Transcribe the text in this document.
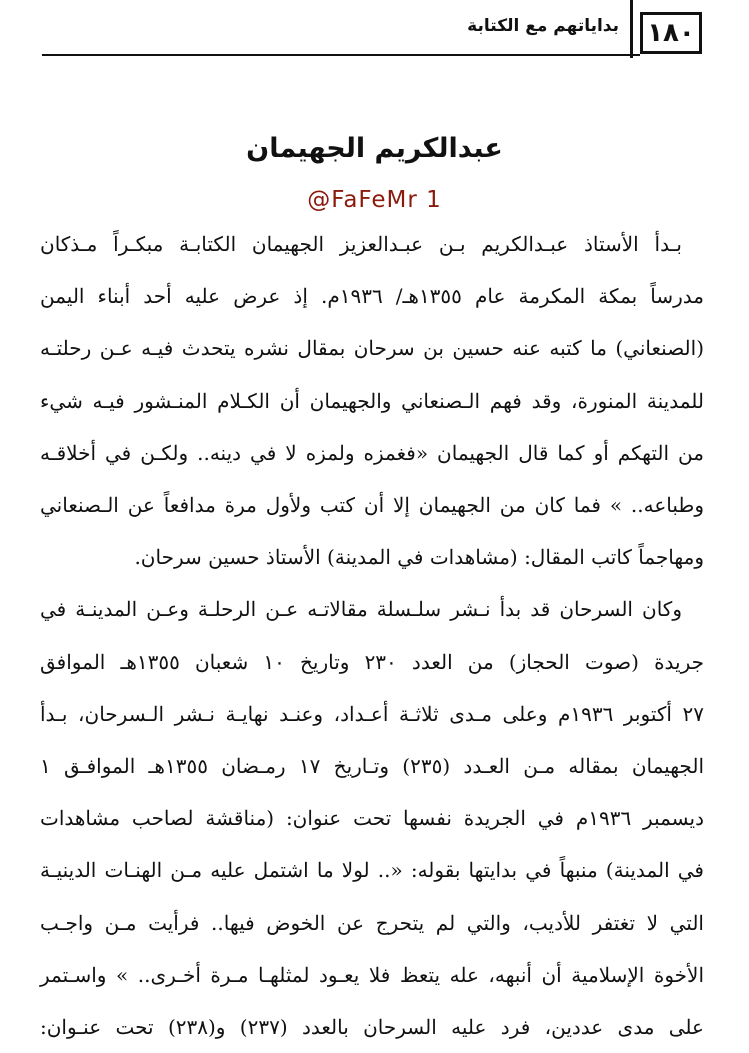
١٨٠
بداياتهم مع الكتابة
عبدالكريم الجهيمان
@FaFeMr 1

بـدأ الأستاذ عبـدالكريم بـن عبـدالعزيز الجهيمان الكتابـة مبكـراً مـذكان
مدرساً بمكة المكرمة عام ١٣٥٥هـ/ ١٩٣٦م. إذ عرض عليه أحد أبناء اليمن
(الصنعاني) ما كتبه عنه حسين بن سرحان بمقال نشره يتحدث فيـه عـن رحلتـه
للمدينة المنورة، وقد فهم الـصنعاني والجهيمان أن الكـلام المنـشور فيـه شيء
من التهكم أو كما قال الجهيمان «فغمزه ولمزه لا في دينه.. ولكـن في أخلاقـه
وطباعه.. » فما كان من الجهيمان إلا أن كتب ولأول مرة مدافعاً عن الـصنعاني
ومهاجماً كاتب المقال: (مشاهدات في المدينة) الأستاذ حسين سرحان.

وكان السرحان قد بدأ نـشر سلـسلة مقالاتـه عـن الرحلـة وعـن المدينـة في
جريدة (صوت الحجاز) من العدد ٢٣٠ وتاريخ ١٠ شعبان ١٣٥٥هـ الموافق
٢٧ أكتوبر ١٩٣٦م وعلى مـدى ثلاثـة أعـداد، وعنـد نهايـة نـشر الـسرحان، بـدأ
الجهيمان بمقاله مـن العـدد (٢٣٥) وتـاريخ ١٧ رمـضان ١٣٥٥هـ الموافـق ١
ديسمبر ١٩٣٦م في الجريدة نفسها تحت عنوان: (مناقشة لصاحب مشاهدات
في المدينة) منبهاً في بدايتها بقوله: «.. لولا ما اشتمل عليه مـن الهنـات الدينيـة
التي لا تغتفر للأديب، والتي لم يتحرج عن الخوض فيها.. فرأيت مـن واجـب
الأخوة الإسلامية أن أنبهه، عله يتعظ فلا يعـود لمثلهـا مـرة أخـرى.. » واسـتمر
على مدى عددين، فرد عليه السرحان بالعدد (٢٣٧) و(٢٣٨) تحت عنـوان:
